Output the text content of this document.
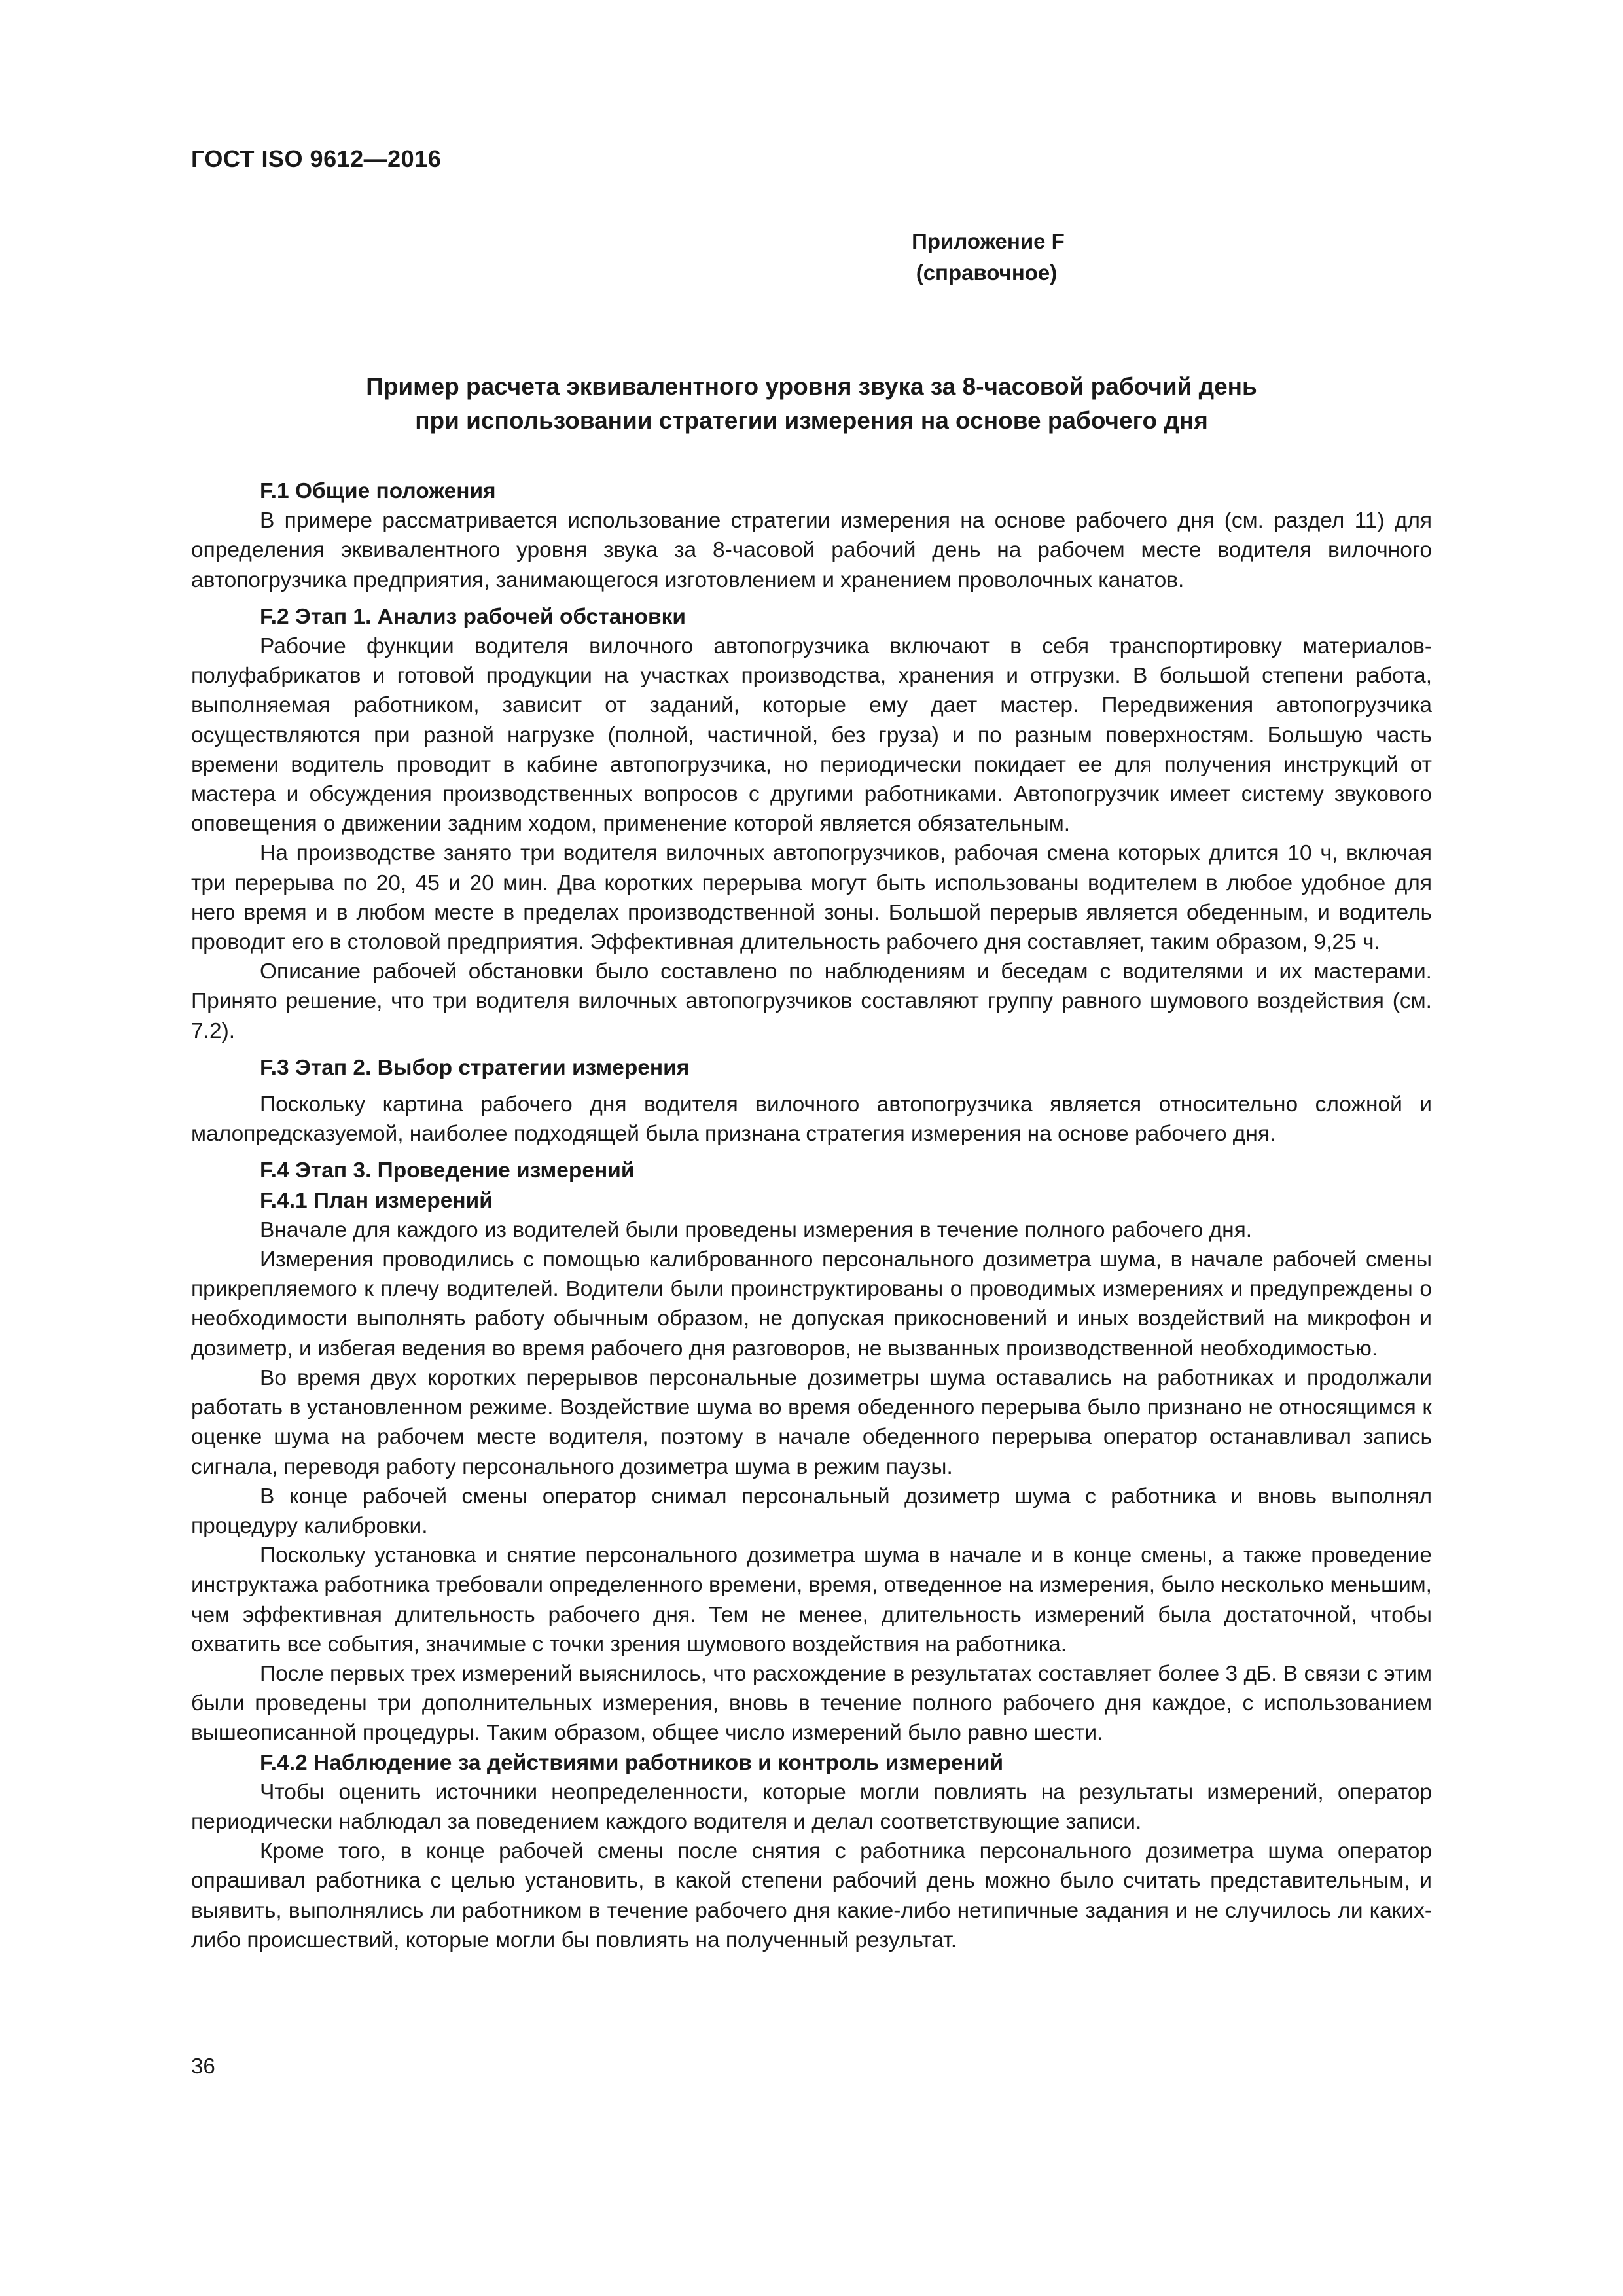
ГОСТ ISO 9612—2016
Приложение F
(справочное)
Пример расчета эквивалентного уровня звука за 8-часовой рабочий день
при использовании стратегии измерения на основе рабочего дня
F.1 Общие положения

В примере рассматривается использование стратегии измерения на основе рабочего дня (см. раздел 11) для определения эквивалентного уровня звука за 8-часовой рабочий день на рабочем месте водителя вилочного автопогрузчика предприятия, занимающегося изготовлением и хранением проволочных канатов.

F.2 Этап 1. Анализ рабочей обстановки

Рабочие функции водителя вилочного автопогрузчика включают в себя транспортировку материалов-полуфабрикатов и готовой продукции на участках производства, хранения и отгрузки. В большой степени работа, выполняемая работником, зависит от заданий, которые ему дает мастер. Передвижения автопогрузчика осуществляются при разной нагрузке (полной, частичной, без груза) и по разным поверхностям. Большую часть времени водитель проводит в кабине автопогрузчика, но периодически покидает ее для получения инструкций от мастера и обсуждения производственных вопросов с другими работниками. Автопогрузчик имеет систему звукового оповещения о движении задним ходом, применение которой является обязательным.

На производстве занято три водителя вилочных автопогрузчиков, рабочая смена которых длится 10 ч, включая три перерыва по 20, 45 и 20 мин. Два коротких перерыва могут быть использованы водителем в любое удобное для него время и в любом месте в пределах производственной зоны. Большой перерыв является обеденным, и водитель проводит его в столовой предприятия. Эффективная длительность рабочего дня составляет, таким образом, 9,25 ч.

Описание рабочей обстановки было составлено по наблюдениям и беседам с водителями и их мастерами. Принято решение, что три водителя вилочных автопогрузчиков составляют группу равного шумового воздействия (см. 7.2).

F.3 Этап 2. Выбор стратегии измерения

Поскольку картина рабочего дня водителя вилочного автопогрузчика является относительно сложной и малопредсказуемой, наиболее подходящей была признана стратегия измерения на основе рабочего дня.

F.4 Этап 3. Проведение измерений
F.4.1 План измерений

Вначале для каждого из водителей были проведены измерения в течение полного рабочего дня.

Измерения проводились с помощью калиброванного персонального дозиметра шума, в начале рабочей смены прикрепляемого к плечу водителей. Водители были проинструктированы о проводимых измерениях и предупреждены о необходимости выполнять работу обычным образом, не допуская прикосновений и иных воздействий на микрофон и дозиметр, и избегая ведения во время рабочего дня разговоров, не вызванных производственной необходимостью.

Во время двух коротких перерывов персональные дозиметры шума оставались на работниках и продолжали работать в установленном режиме. Воздействие шума во время обеденного перерыва было признано не относящимся к оценке шума на рабочем месте водителя, поэтому в начале обеденного перерыва оператор останавливал запись сигнала, переводя работу персонального дозиметра шума в режим паузы.

В конце рабочей смены оператор снимал персональный дозиметр шума с работника и вновь выполнял процедуру калибровки.

Поскольку установка и снятие персонального дозиметра шума в начале и в конце смены, а также проведение инструктажа работника требовали определенного времени, время, отведенное на измерения, было несколько меньшим, чем эффективная длительность рабочего дня. Тем не менее, длительность измерений была достаточной, чтобы охватить все события, значимые с точки зрения шумового воздействия на работника.

После первых трех измерений выяснилось, что расхождение в результатах составляет более 3 дБ. В связи с этим были проведены три дополнительных измерения, вновь в течение полного рабочего дня каждое, с использованием вышеописанной процедуры. Таким образом, общее число измерений было равно шести.

F.4.2 Наблюдение за действиями работников и контроль измерений

Чтобы оценить источники неопределенности, которые могли повлиять на результаты измерений, оператор периодически наблюдал за поведением каждого водителя и делал соответствующие записи.

Кроме того, в конце рабочей смены после снятия с работника персонального дозиметра шума оператор опрашивал работника с целью установить, в какой степени рабочий день можно было считать представительным, и выявить, выполнялись ли работником в течение рабочего дня какие-либо нетипичные задания и не случилось ли каких-либо происшествий, которые могли бы повлиять на полученный результат.

36
